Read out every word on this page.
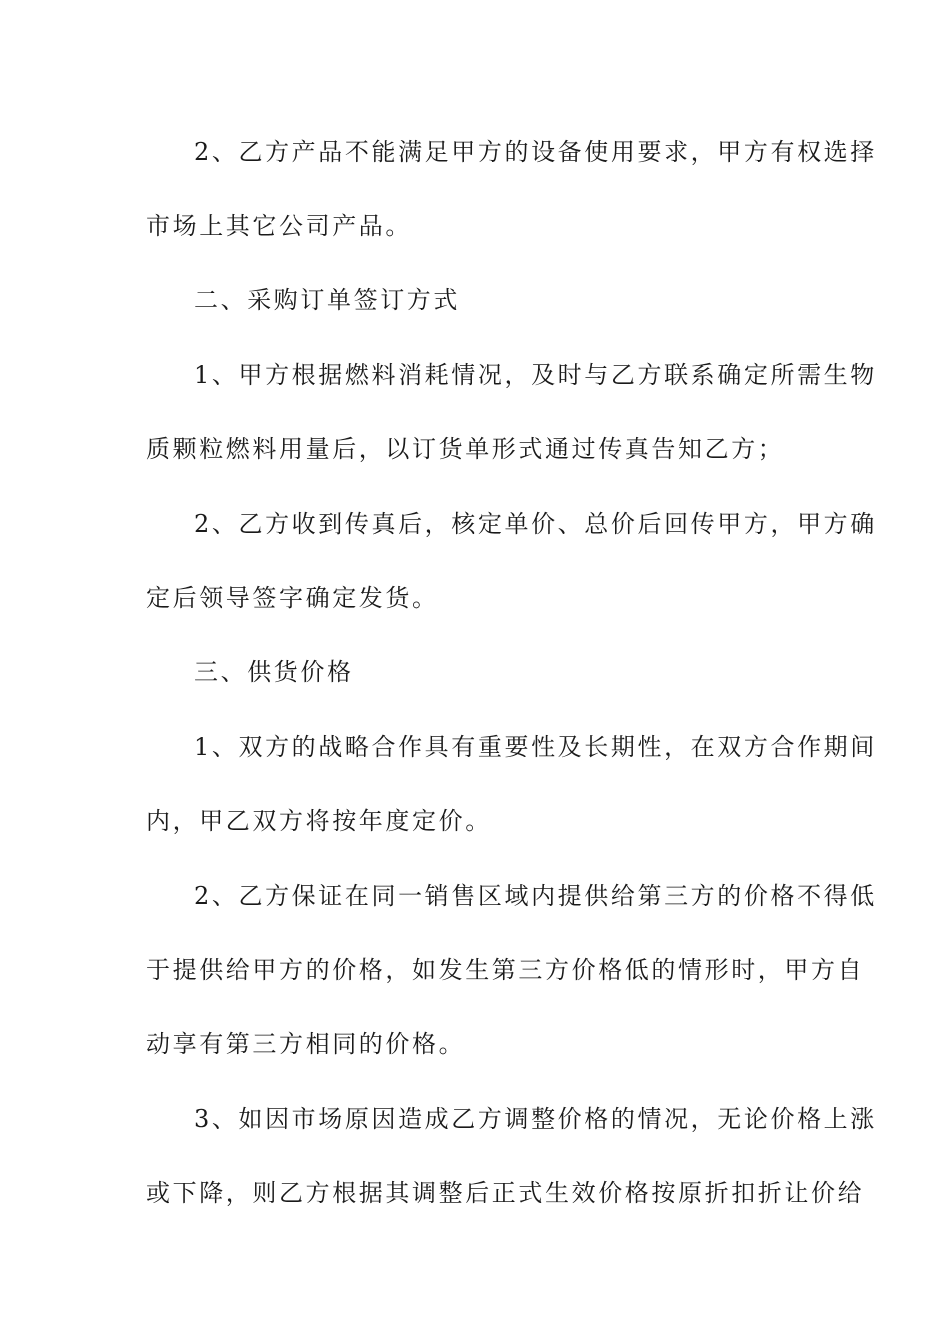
2、乙方产品不能满足甲方的设备使用要求，甲方有权选择
市场上其它公司产品。
二、采购订单签订方式
1、甲方根据燃料消耗情况，及时与乙方联系确定所需生物
质颗粒燃料用量后，以订货单形式通过传真告知乙方；
2、乙方收到传真后，核定单价、总价后回传甲方，甲方确
定后领导签字确定发货。
三、供货价格
1、双方的战略合作具有重要性及长期性，在双方合作期间
内，甲乙双方将按年度定价。
2、乙方保证在同一销售区域内提供给第三方的价格不得低
于提供给甲方的价格，如发生第三方价格低的情形时，甲方自
动享有第三方相同的价格。
3、如因市场原因造成乙方调整价格的情况，无论价格上涨
或下降，则乙方根据其调整后正式生效价格按原折扣折让价给
